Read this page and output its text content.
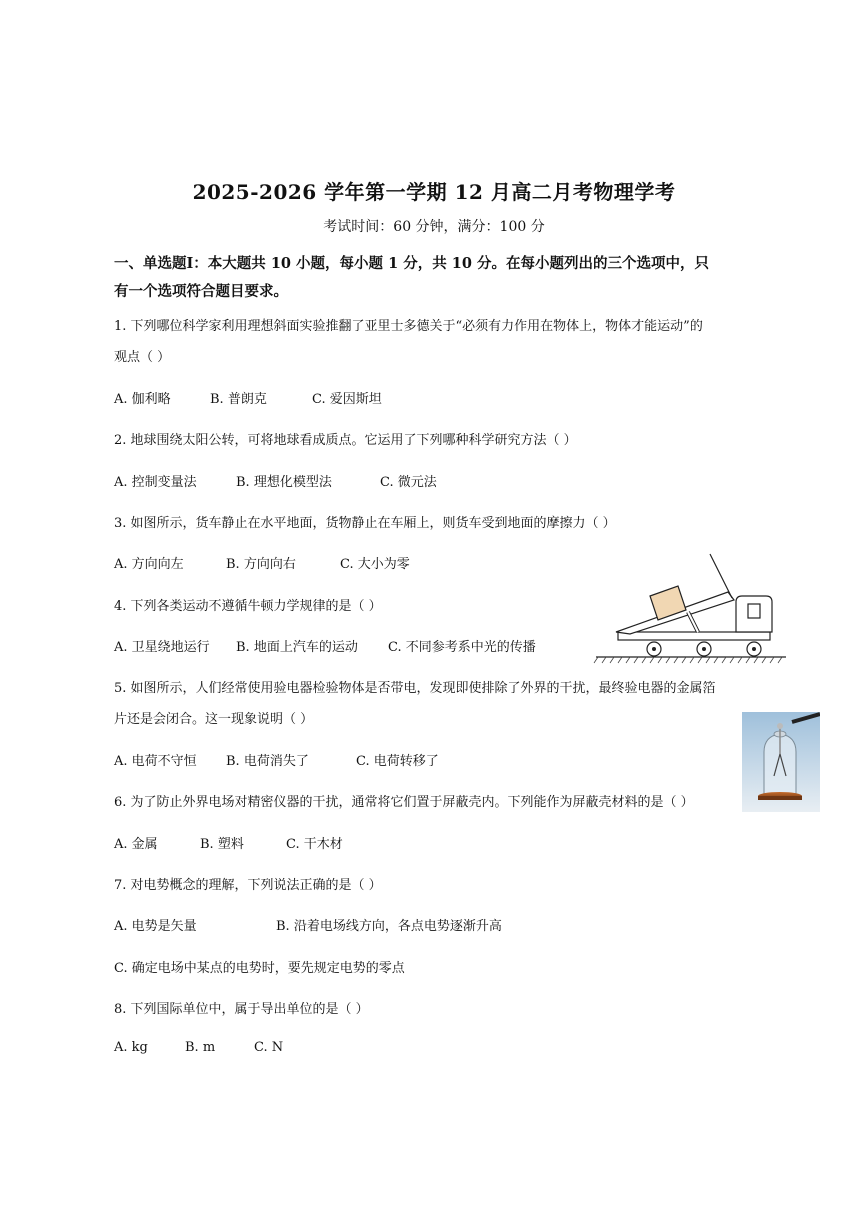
2025-2026 学年第一学期 12 月高二月考物理学考
考试时间：60 分钟，满分：100 分
一、单选题Ⅰ：本大题共 10 小题，每小题 1 分，共 10 分。在每小题列出的三个选项中，只
有一个选项符合题目要求。
1. 下列哪位科学家利用理想斜面实验推翻了亚里士多德关于“必须有力作用在物体上，物体才能运动”的
观点（ ）
A. 伽利略	B. 普朗克	C. 爱因斯坦
2. 地球围绕太阳公转，可将地球看成质点。它运用了下列哪种科学研究方法（ ）
A. 控制变量法	B. 理想化模型法	C. 微元法
3. 如图所示，货车静止在水平地面，货物静止在车厢上，则货车受到地面的摩擦力（ ）
A. 方向向左	B. 方向向右	C. 大小为零
4. 下列各类运动不遵循牛顿力学规律的是（ ）
A. 卫星绕地运行 B. 地面上汽车的运动 C. 不同参考系中光的传播
5. 如图所示，人们经常使用验电器检验物体是否带电，发现即使排除了外界的干扰，最终验电器的金属箔
片还是会闭合。这一现象说明（ ）
A. 电荷不守恒 B. 电荷消失了	C. 电荷转移了
6. 为了防止外界电场对精密仪器的干扰，通常将它们置于屏蔽壳内。下列能作为屏蔽壳材料的是（ ）
A. 金属	B. 塑料	C. 干木材
7. 对电势概念的理解，下列说法正确的是（ ）
A. 电势是矢量	B. 沿着电场线方向，各点电势逐渐升高
C. 确定电场中某点的电势时，要先规定电势的零点
8. 下列国际单位中，属于导出单位的是（ ）
A. kg	B. m	C. N
